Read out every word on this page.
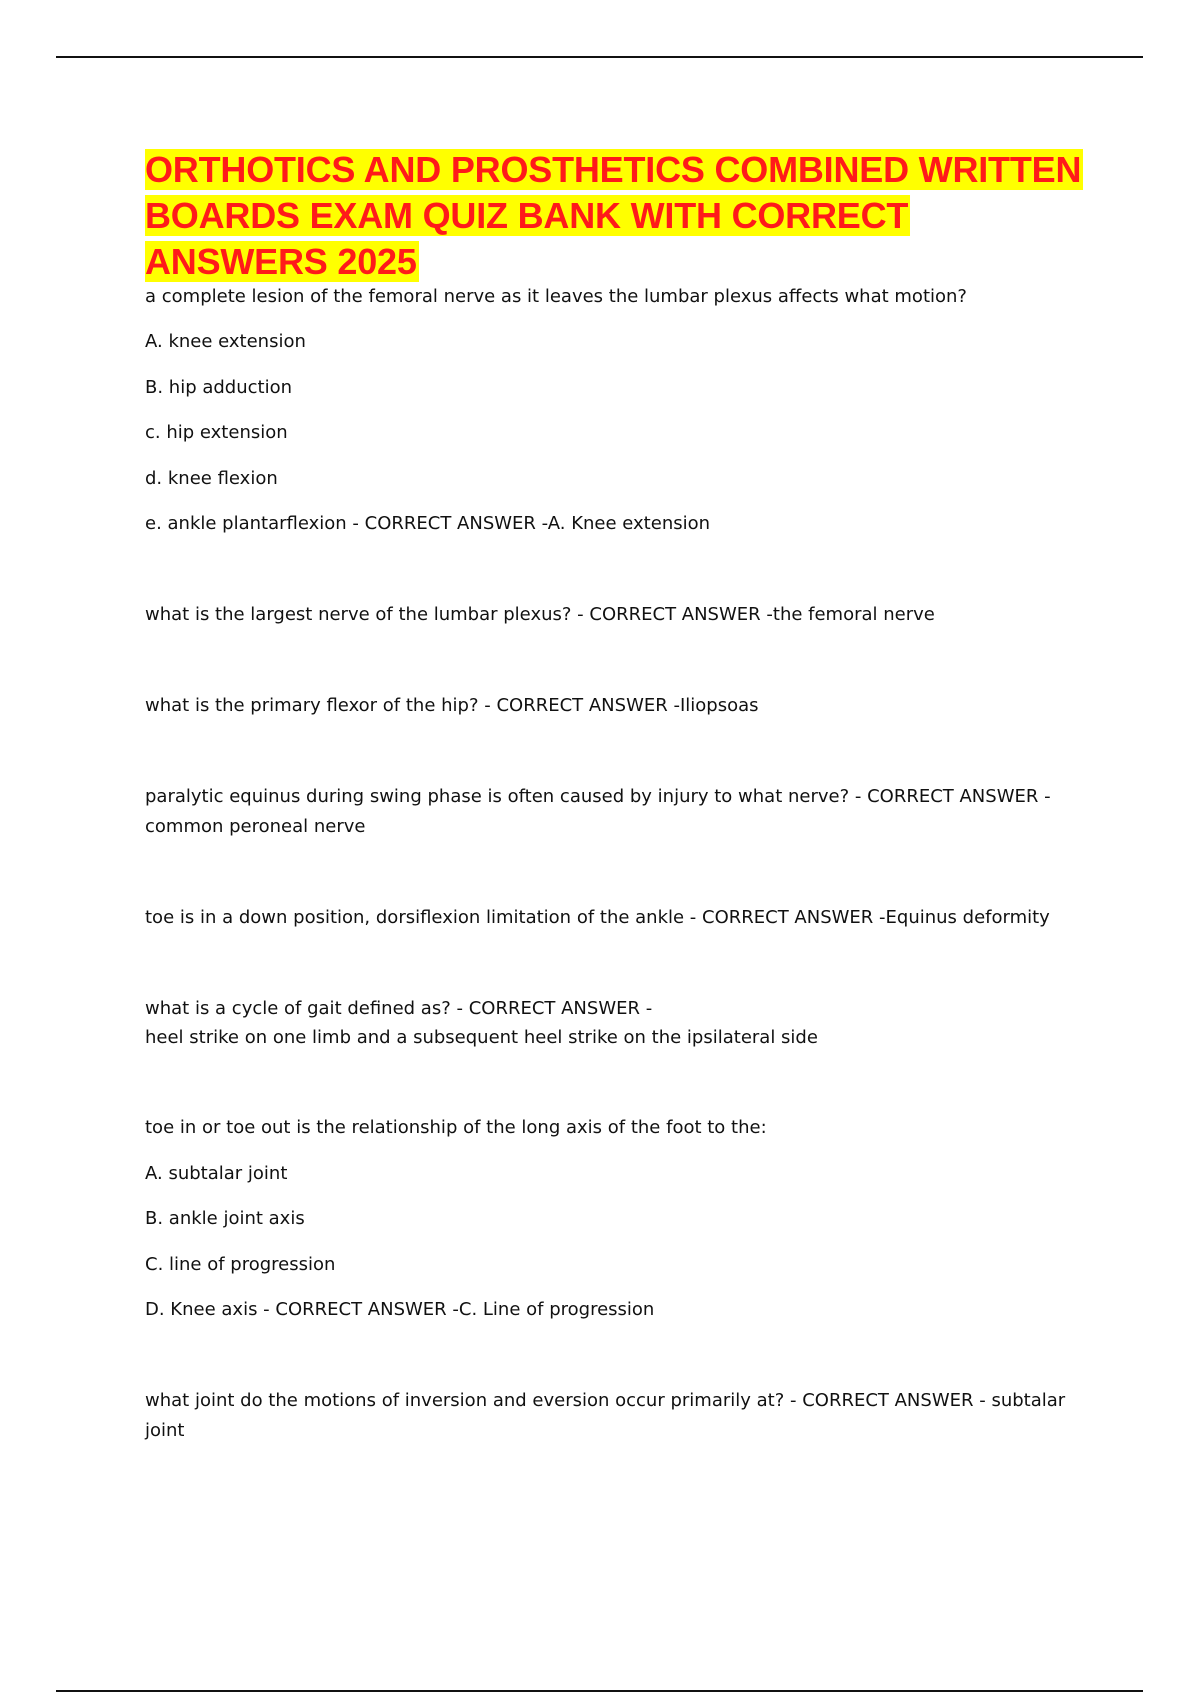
ORTHOTICS AND PROSTHETICS COMBINED WRITTEN BOARDS EXAM QUIZ BANK WITH CORRECT ANSWERS 2025
a complete lesion of the femoral nerve as it leaves the lumbar plexus affects what motion?
A. knee extension
B. hip adduction
c. hip extension
d. knee flexion
e. ankle plantarflexion - CORRECT ANSWER -A. Knee extension
what is the largest nerve of the lumbar plexus? - CORRECT ANSWER -the femoral nerve
what is the primary flexor of the hip? - CORRECT ANSWER -Iliopsoas
paralytic equinus during swing phase is often caused by injury to what nerve? - CORRECT ANSWER - common peroneal nerve
toe is in a down position, dorsiflexion limitation of the ankle - CORRECT ANSWER -Equinus deformity
what is a cycle of gait defined as? - CORRECT ANSWER -
heel strike on one limb and a subsequent heel strike on the ipsilateral side
toe in or toe out is the relationship of the long axis of the foot to the:
A. subtalar joint
B. ankle joint axis
C. line of progression
D. Knee axis - CORRECT ANSWER -C. Line of progression
what joint do the motions of inversion and eversion occur primarily at? - CORRECT ANSWER - subtalar joint
